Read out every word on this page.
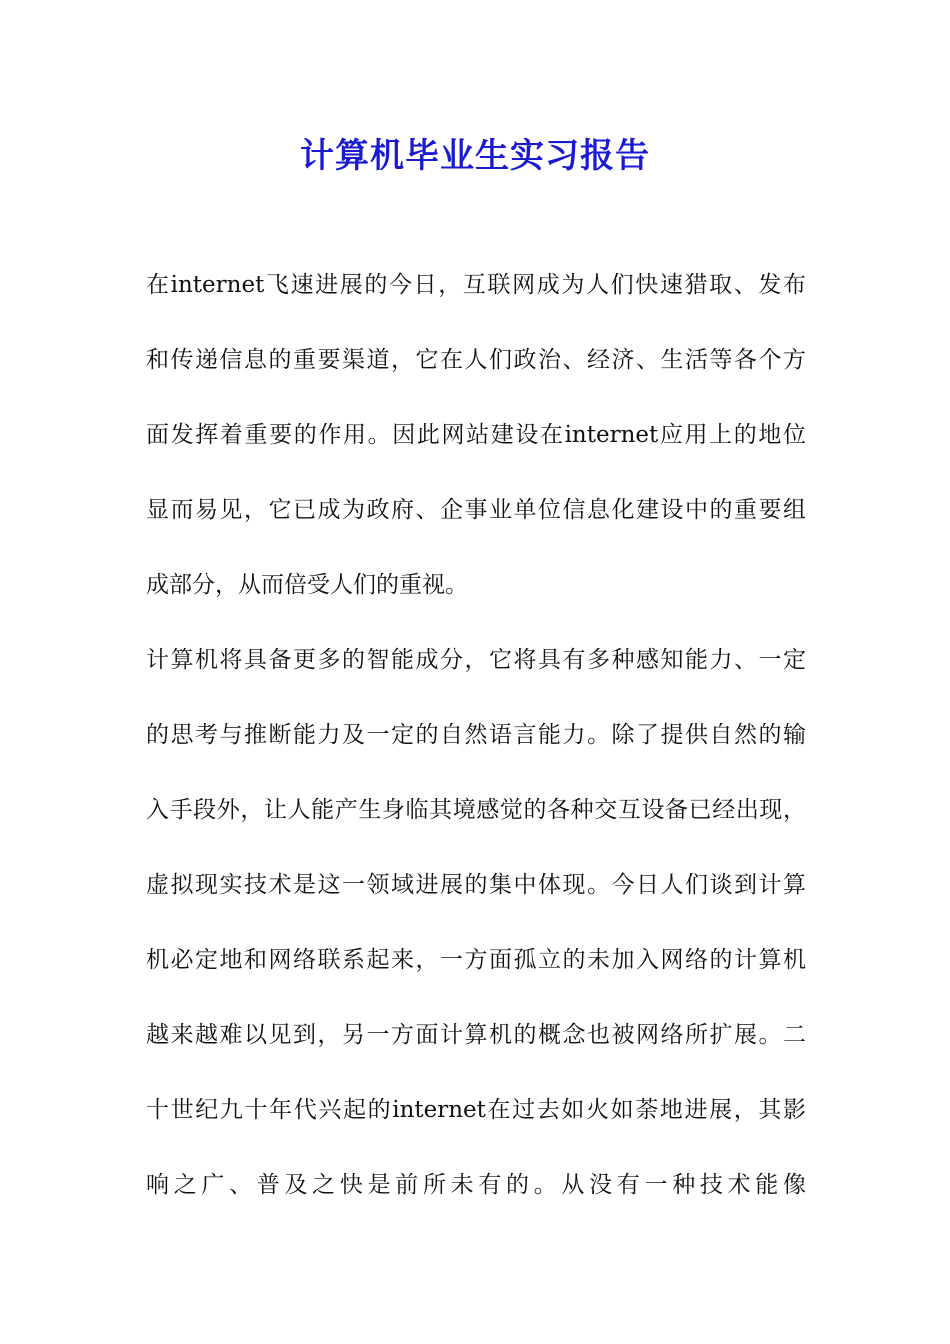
计算机毕业生实习报告
在internet飞速进展的今日，互联网成为人们快速猎取、发布
和传递信息的重要渠道，它在人们政治、经济、生活等各个方
面发挥着重要的作用。因此网站建设在internet应用上的地位
显而易见，它已成为政府、企事业单位信息化建设中的重要组
成部分，从而倍受人们的重视。
计算机将具备更多的智能成分，它将具有多种感知能力、一定
的思考与推断能力及一定的自然语言能力。除了提供自然的输
入手段外，让人能产生身临其境感觉的各种交互设备已经出现，
虚拟现实技术是这一领域进展的集中体现。今日人们谈到计算
机必定地和网络联系起来，一方面孤立的未加入网络的计算机
越来越难以见到，另一方面计算机的概念也被网络所扩展。二
十世纪九十年代兴起的internet在过去如火如荼地进展，其影
响之广、普及之快是前所未有的。从没有一种技术能像
